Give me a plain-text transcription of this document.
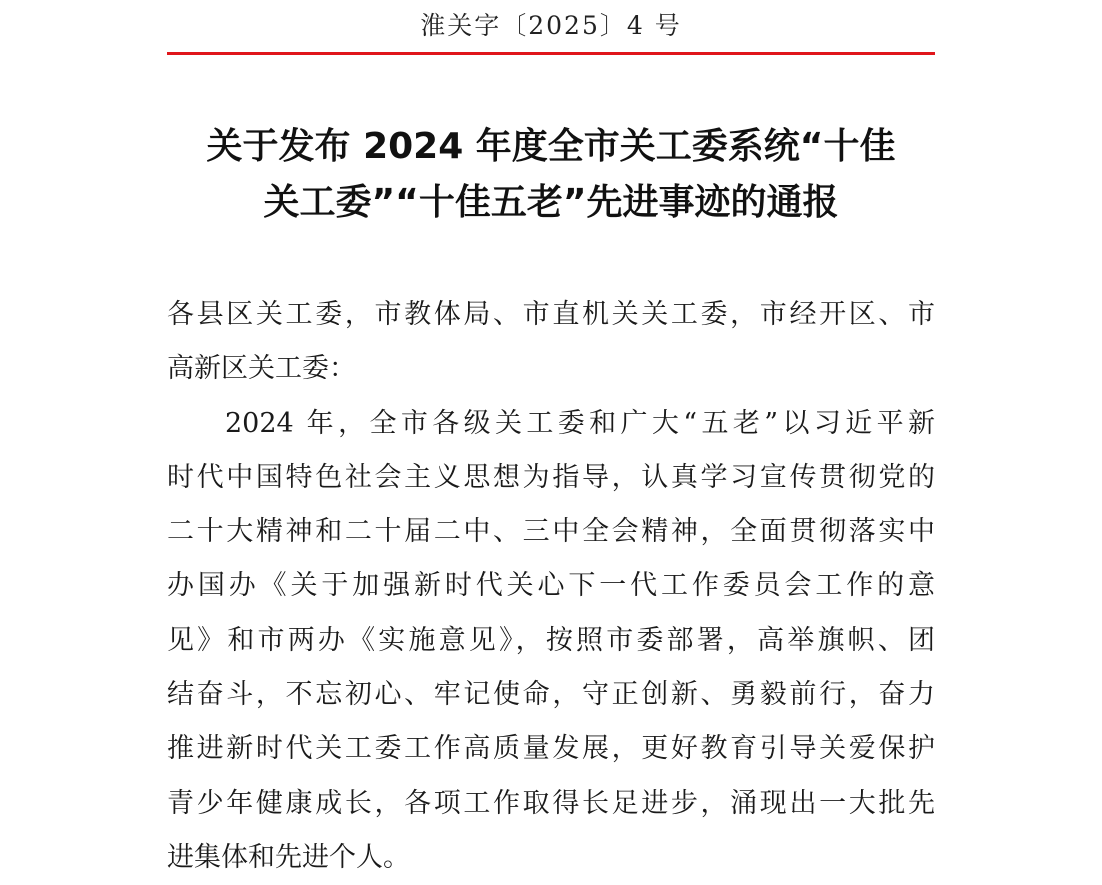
淮关字〔2025〕4 号
关于发布 2024 年度全市关工委系统“十佳
关工委”“十佳五老”先进事迹的通报
各县区关工委，市教体局、市直机关关工委，市经开区、市
高新区关工委：
2024 年，全市各级关工委和广大“五老”以习近平新
时代中国特色社会主义思想为指导，认真学习宣传贯彻党的
二十大精神和二十届二中、三中全会精神，全面贯彻落实中
办国办《关于加强新时代关心下一代工作委员会工作的意
见》和市两办《实施意见》，按照市委部署，高举旗帜、团
结奋斗，不忘初心、牢记使命，守正创新、勇毅前行，奋力
推进新时代关工委工作高质量发展，更好教育引导关爱保护
青少年健康成长，各项工作取得长足进步，涌现出一大批先
进集体和先进个人。
